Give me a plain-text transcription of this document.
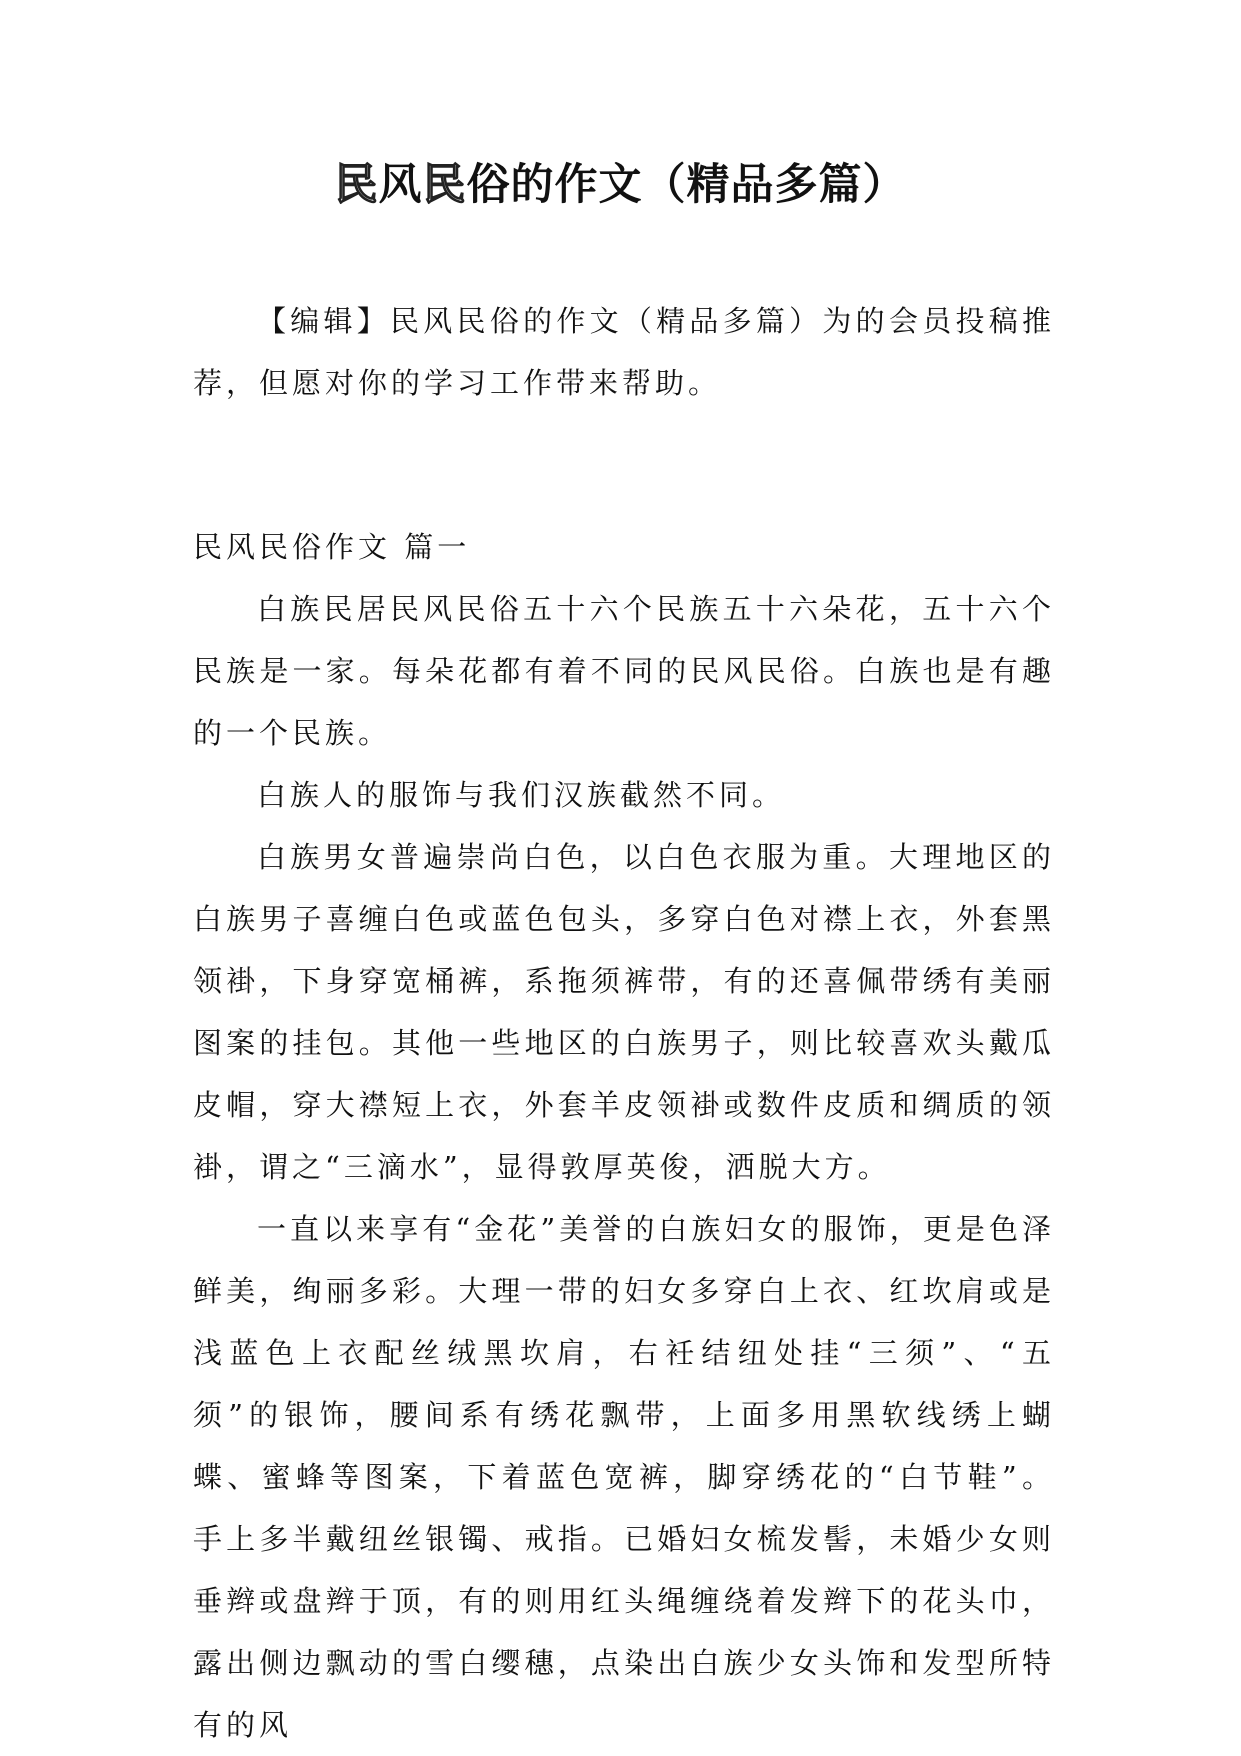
民风民俗的作文（精品多篇）

【编辑】民风民俗的作文（精品多篇）为的会员投稿推荐，但愿对你的学习工作带来帮助。

民风民俗作文 篇一

白族民居民风民俗五十六个民族五十六朵花，五十六个民族是一家。每朵花都有着不同的民风民俗。白族也是有趣的一个民族。

白族人的服饰与我们汉族截然不同。

白族男女普遍崇尚白色，以白色衣服为重。大理地区的白族男子喜缠白色或蓝色包头，多穿白色对襟上衣，外套黑领褂，下身穿宽桶裤，系拖须裤带，有的还喜佩带绣有美丽图案的挂包。其他一些地区的白族男子，则比较喜欢头戴瓜皮帽，穿大襟短上衣，外套羊皮领褂或数件皮质和绸质的领褂，谓之“三滴水”，显得敦厚英俊，洒脱大方。

一直以来享有“金花”美誉的白族妇女的服饰，更是色泽鲜美，绚丽多彩。大理一带的妇女多穿白上衣、红坎肩或是浅蓝色上衣配丝绒黑坎肩，右衽结纽处挂“三须”、“五须”的银饰，腰间系有绣花飘带，上面多用黑软线绣上蝴蝶、蜜蜂等图案，下着蓝色宽裤，脚穿绣花的“白节鞋”。手上多半戴纽丝银镯、戒指。已婚妇女梳发髻，未婚少女则垂辫或盘辫于顶，有的则用红头绳缠绕着发辫下的花头巾，露出侧边飘动的雪白缨穗，点染出白族少女头饰和发型所特有的风
